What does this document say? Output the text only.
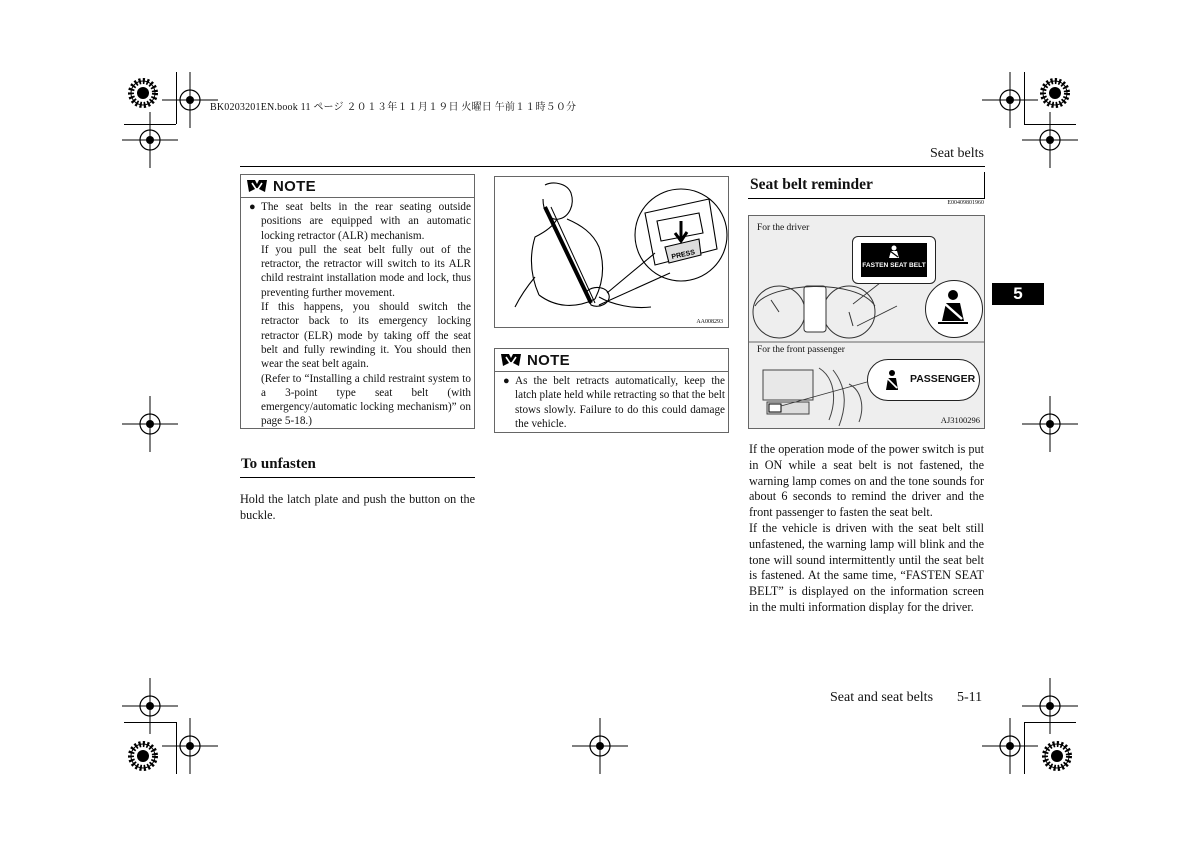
BK0203201EN.book 11 ページ ２０１３年１１月１９日 火曜日 午前１１時５０分
Seat belts
5
NOTE
● The seat belts in the rear seating outside positions are equipped with an automatic locking retractor (ALR) mechanism.

If you pull the seat belt fully out of the retractor, the retractor will switch to its ALR child restraint installation mode and lock, thus preventing further movement.

If this happens, you should switch the retractor back to its emergency locking retractor (ELR) mode by taking off the seat belt and fully rewinding it. You should then wear the seat belt again.

(Refer to “Installing a child restraint system to a 3-point type seat belt (with emergency/automatic locking mechanism)” on page 5-18.)

To unfasten
Hold the latch plate and push the button on the buckle.
PRESS
AA008293
NOTE
● As the belt retracts automatically, keep the latch plate held while retracting so that the belt stows slowly. Failure to do this could damage the vehicle.

Seat belt reminder
E00409801960
For the driver
FASTEN SEAT BELT
For the front passenger
PASSENGER
AJ3100296

If the operation mode of the power switch is put in ON while a seat belt is not fastened, the warning lamp comes on and the tone sounds for about 6 seconds to remind the driver and the front passenger to fasten the seat belt.

If the vehicle is driven with the seat belt still unfastened, the warning lamp will blink and the tone will sound intermittently until the seat belt is fastened. At the same time, “FASTEN SEAT BELT” is displayed on the information screen in the multi information display for the driver.

Seat and seat belts 5-11
